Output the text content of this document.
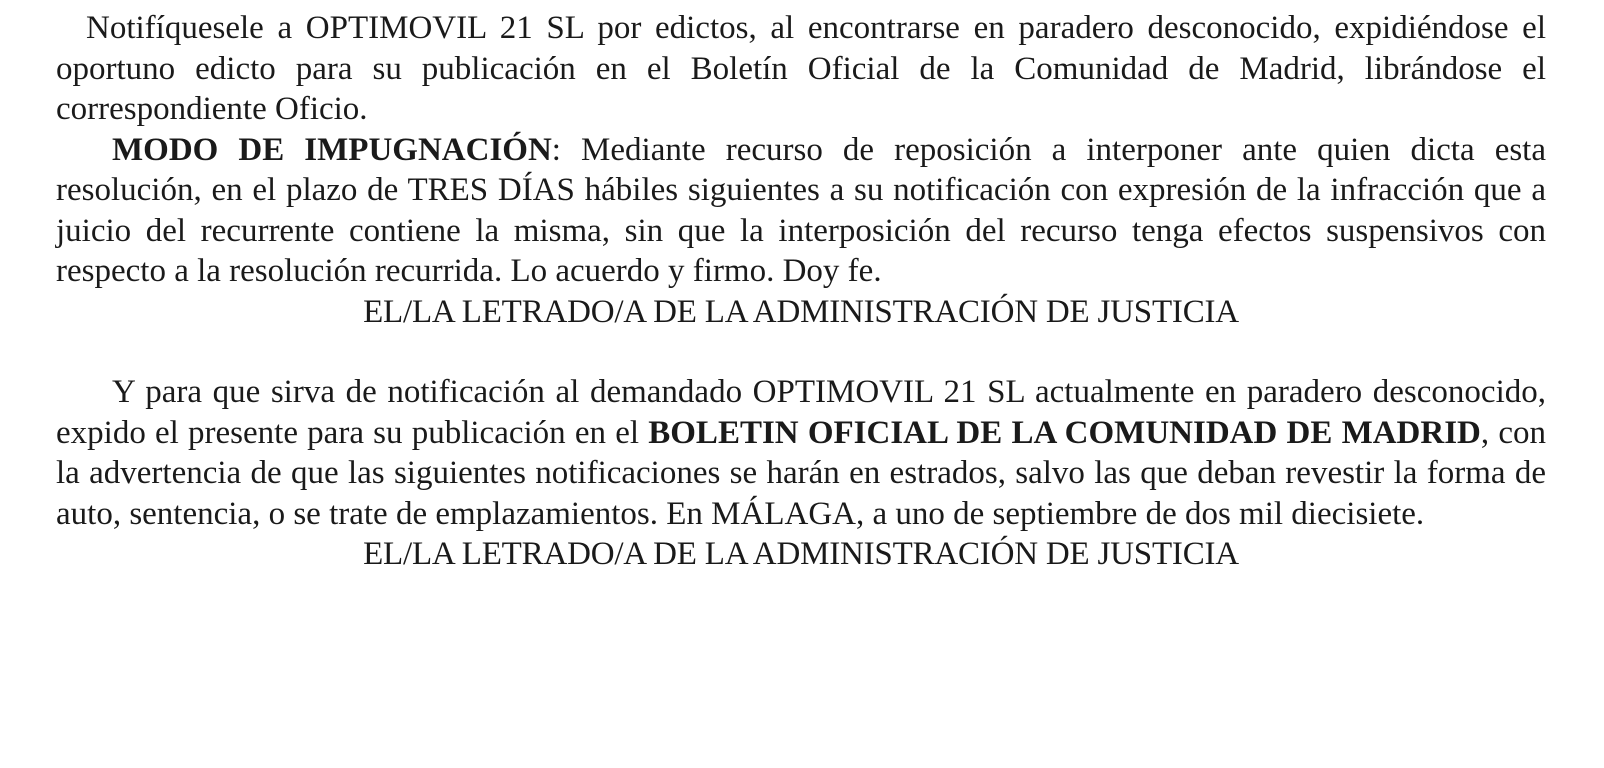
Notifíquesele a OPTIMOVIL 21 SL por edictos, al encontrarse en paradero desconocido, expidiéndose el oportuno edicto para su publicación en el Boletín Oficial de la Comunidad de Madrid, librándose el correspondiente Oficio.

MODO DE IMPUGNACIÓN: Mediante recurso de reposición a interponer ante quien dicta esta resolución, en el plazo de TRES DÍAS hábiles siguientes a su notificación con expresión de la infracción que a juicio del recurrente contiene la misma, sin que la interposición del recurso tenga efectos suspensivos con respecto a la resolución recurrida. Lo acuerdo y firmo. Doy fe.

EL/LA LETRADO/A DE LA ADMINISTRACIÓN DE JUSTICIA

Y para que sirva de notificación al demandado OPTIMOVIL 21 SL actualmente en paradero desconocido, expido el presente para su publicación en el BOLETIN OFICIAL DE LA COMUNIDAD DE MADRID, con la advertencia de que las siguientes notificaciones se harán en estrados, salvo las que deban revestir la forma de auto, sentencia, o se trate de emplazamientos. En MÁLAGA, a uno de septiembre de dos mil diecisiete.

EL/LA LETRADO/A DE LA ADMINISTRACIÓN DE JUSTICIA
